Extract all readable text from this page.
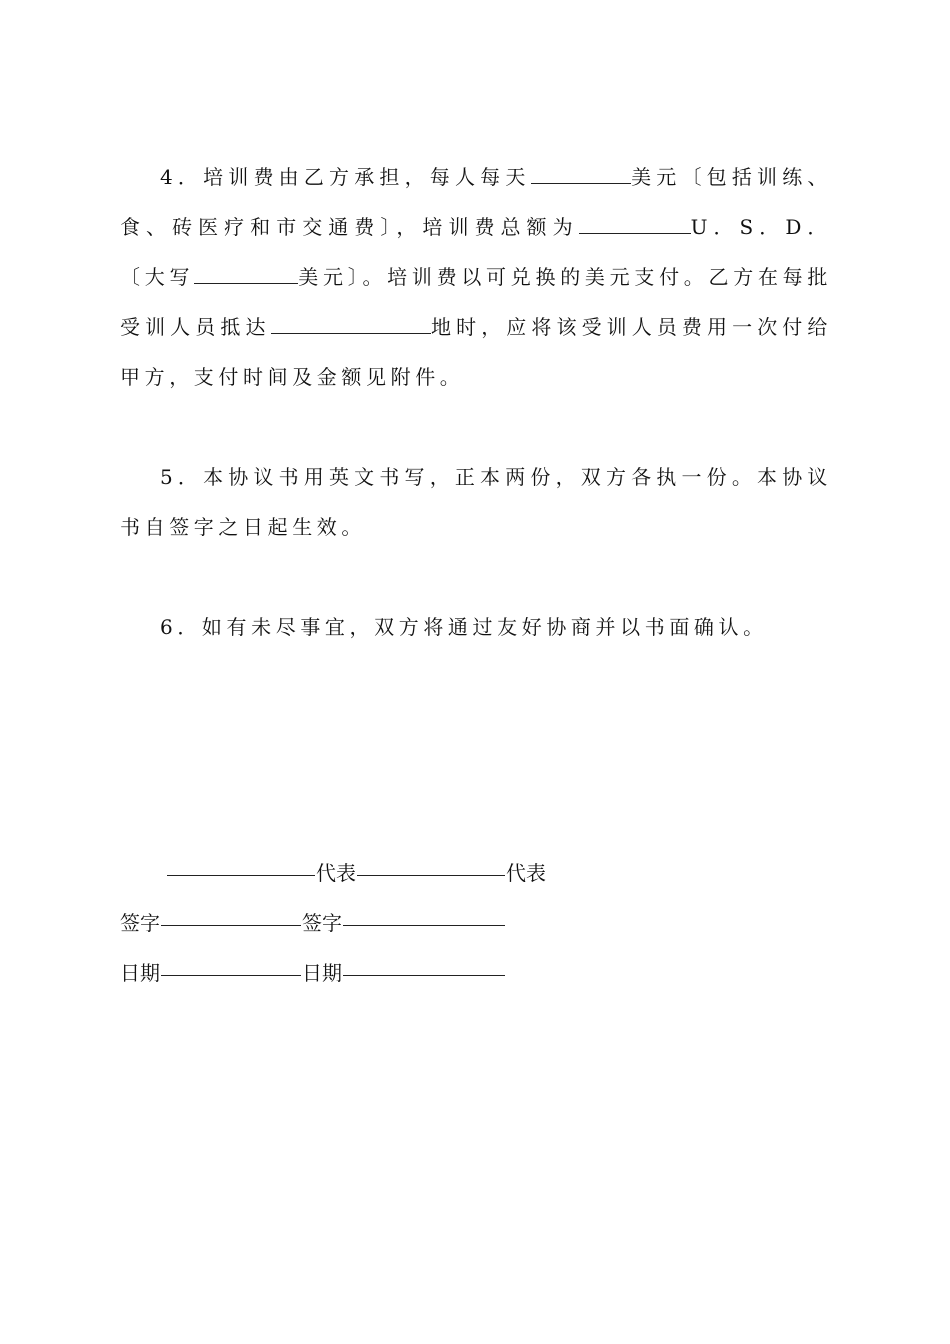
4．培训费由乙方承担，每人每天	美元〔包括训练、食、砖医疗和市交通费〕，培训费总额为	U．S．D．〔大写	美元〕。培训费以可兑换的美元支付。乙方在每批受训人员抵达	地时，应将该受训人员费用一次付给甲方，支付时间及金额见附件。

5．本协议书用英文书写，正本两份，双方各执一份。本协议书自签字之日起生效。

6．如有未尽事宜，双方将通过友好协商并以书面确认。

代表	代表
签字	签字
日期	日期
